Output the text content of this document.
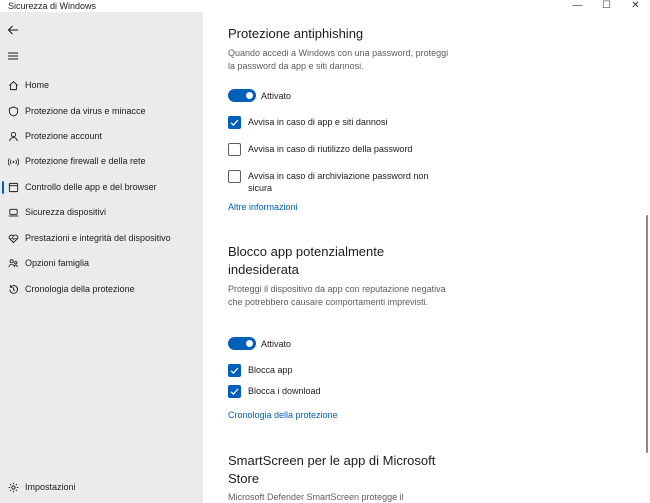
Sicurezza di Windows	—	☐	✕
Home
Protezione da virus e minacce
Protezione account
Protezione firewall e della rete
Controllo delle app e del browser
Sicurezza dispositivi
Prestazioni e integrità del dispositivo
Opzioni famiglia
Cronologia della protezione
Impostazioni
Protezione antiphishing
Quando accedi a Windows con una password, proteggi la password da app e siti dannosi.
Attivato
Avvisa in caso di app e siti dannosi
Avvisa in caso di riutilizzo della password
Avvisa in caso di archiviazione password non sicura
Altre informazioni
Blocco app potenzialmente indesiderata
Proteggi il dispositivo da app con reputazione negativa che potrebbero causare comportamenti imprevisti.
Attivato
Blocca app
Blocca i download
Cronologia della protezione
SmartScreen per le app di Microsoft Store
Microsoft Defender SmartScreen protegge il
